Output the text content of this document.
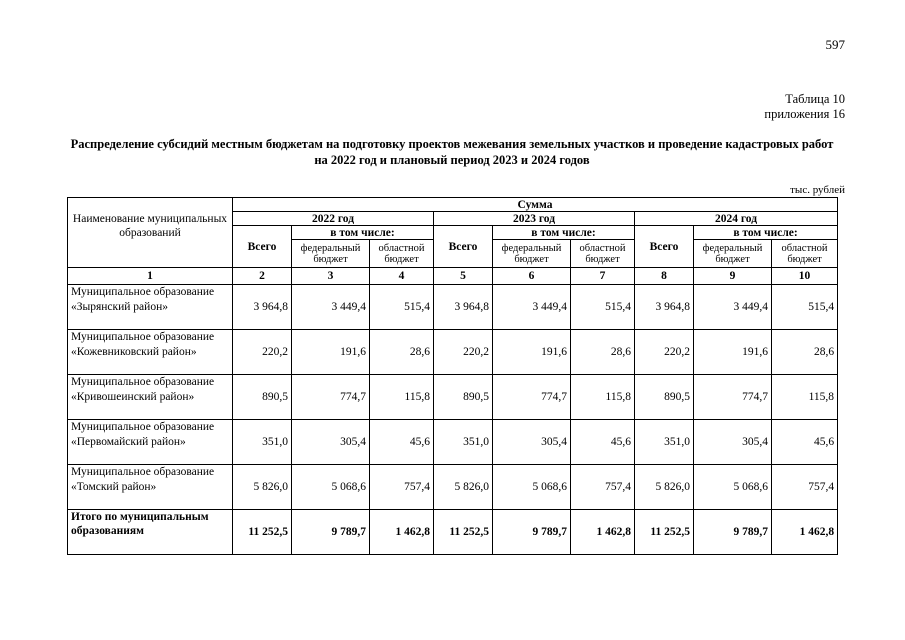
597
Таблица 10
приложения 16
Распределение субсидий местным бюджетам на подготовку проектов межевания земельных участков и проведение кадастровых работ на 2022 год и плановый период 2023 и 2024 годов
тыс. рублей
Наименование муниципальных образований	Сумма								
	2022 год			2023 год			2024 год		
	Всего	в том числе:		Всего	в том числе:		Всего	в том числе:	
		федеральный бюджет	областной бюджет		федеральный бюджет	областной бюджет		федеральный бюджет	областной бюджет
1	2	3	4	5	6	7	8	9	10
Муниципальное образование «Зырянский район»	3 964,8	3 449,4	515,4	3 964,8	3 449,4	515,4	3 964,8	3 449,4	515,4
Муниципальное образование «Кожевниковский район»	220,2	191,6	28,6	220,2	191,6	28,6	220,2	191,6	28,6
Муниципальное образование «Кривошеинский район»	890,5	774,7	115,8	890,5	774,7	115,8	890,5	774,7	115,8
Муниципальное образование «Первомайский район»	351,0	305,4	45,6	351,0	305,4	45,6	351,0	305,4	45,6
Муниципальное образование «Томский район»	5 826,0	5 068,6	757,4	5 826,0	5 068,6	757,4	5 826,0	5 068,6	757,4
Итого по муниципальным образованиям	11 252,5	9 789,7	1 462,8	11 252,5	9 789,7	1 462,8	11 252,5	9 789,7	1 462,8
